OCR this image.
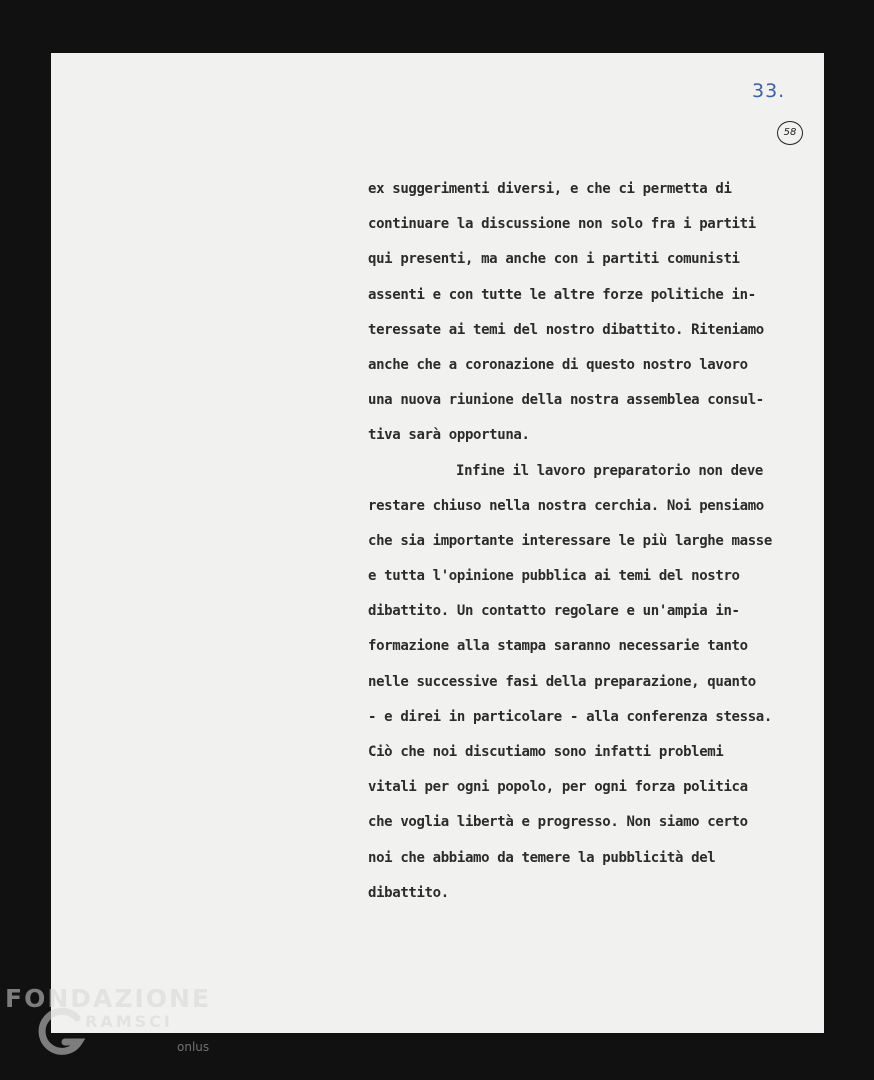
33.
58
ex suggerimenti diversi, e che ci permetta di
continuare la discussione non solo fra i partiti
qui presenti, ma anche con i partiti comunisti
assenti e con tutte le altre forze politiche in-
teressate ai temi del nostro dibattito. Riteniamo
anche che a coronazione di questo nostro lavoro
una nuova riunione della nostra assemblea consul-
tiva sarà opportuna.
Infine il lavoro preparatorio non deve
restare chiuso nella nostra cerchia. Noi pensiamo
che sia importante interessare le più larghe masse
e tutta l'opinione pubblica ai temi del nostro
dibattito. Un contatto regolare e un'ampia in-
formazione alla stampa saranno necessarie tanto
nelle successive fasi della preparazione, quanto
- e direi in particolare - alla conferenza stessa.
Ciò che noi discutiamo sono infatti problemi
vitali per ogni popolo, per ogni forza politica
che voglia libertà e progresso. Non siamo certo
noi che abbiamo da temere la pubblicità del
dibattito.
FONDAZIONE
RAMSCI
onlus
